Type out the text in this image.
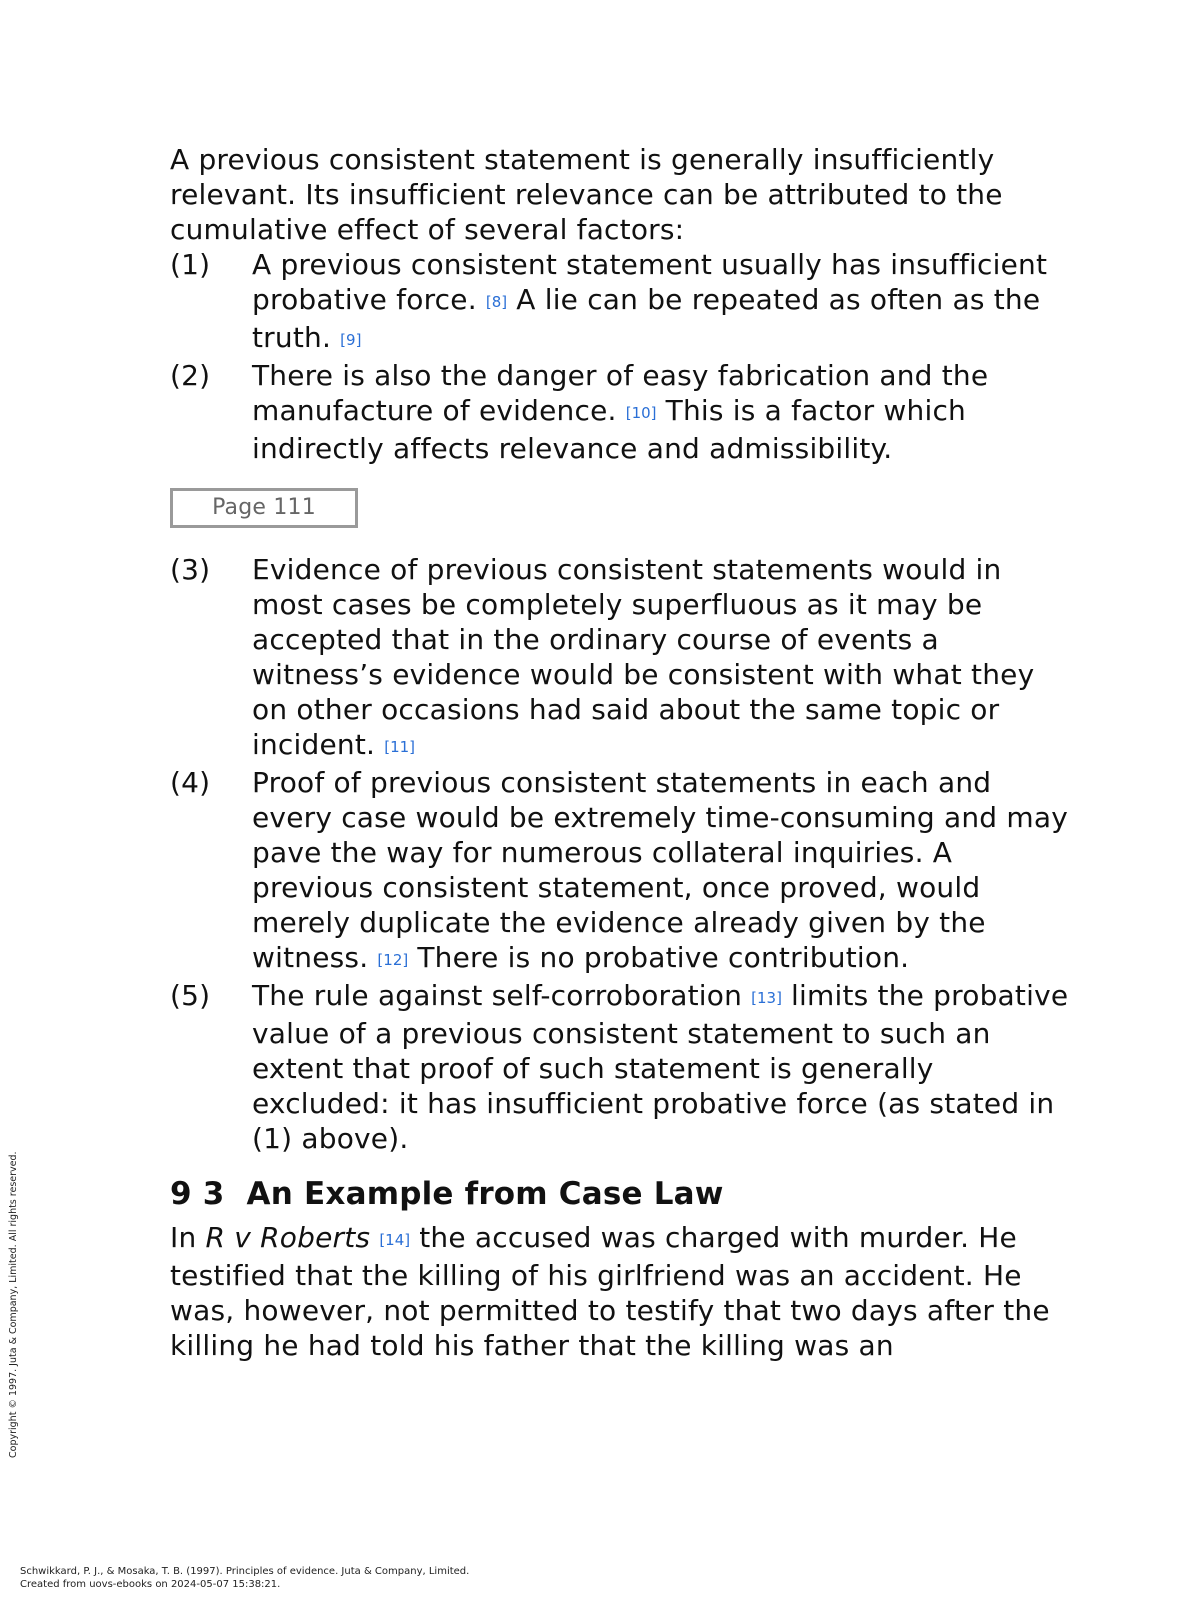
A previous consistent statement is generally insufficiently relevant. Its insufficient relevance can be attributed to the cumulative effect of several factors:

(1)	A previous consistent statement usually has insufficient probative force. [8] A lie can be repeated as often as the truth. [9]
(2)	There is also the danger of easy fabrication and the manufacture of evidence. [10] This is a factor which indirectly affects relevance and admissibility.
Page 111
(3)	Evidence of previous consistent statements would in most cases be completely superfluous as it may be accepted that in the ordinary course of events a witness’s evidence would be consistent with what they on other occasions had said about the same topic or incident. [11]
(4)	Proof of previous consistent statements in each and every case would be extremely time-consuming and may pave the way for numerous collateral inquiries. A previous consistent statement, once proved, would merely duplicate the evidence already given by the witness. [12] There is no probative contribution.
(5)	The rule against self-corroboration [13] limits the probative value of a previous consistent statement to such an extent that proof of such statement is generally excluded: it has insufficient probative force (as stated in (1) above).
9 3 An Example from Case Law

In R v Roberts [14] the accused was charged with murder. He testified that the killing of his girlfriend was an accident. He was, however, not permitted to testify that two days after the killing he had told his father that the killing was an

Copyright © 1997. Juta & Company, Limited. All rights reserved.
Schwikkard, P. J., & Mosaka, T. B. (1997). Principles of evidence. Juta & Company, Limited.
Created from uovs-ebooks on 2024-05-07 15:38:21.
